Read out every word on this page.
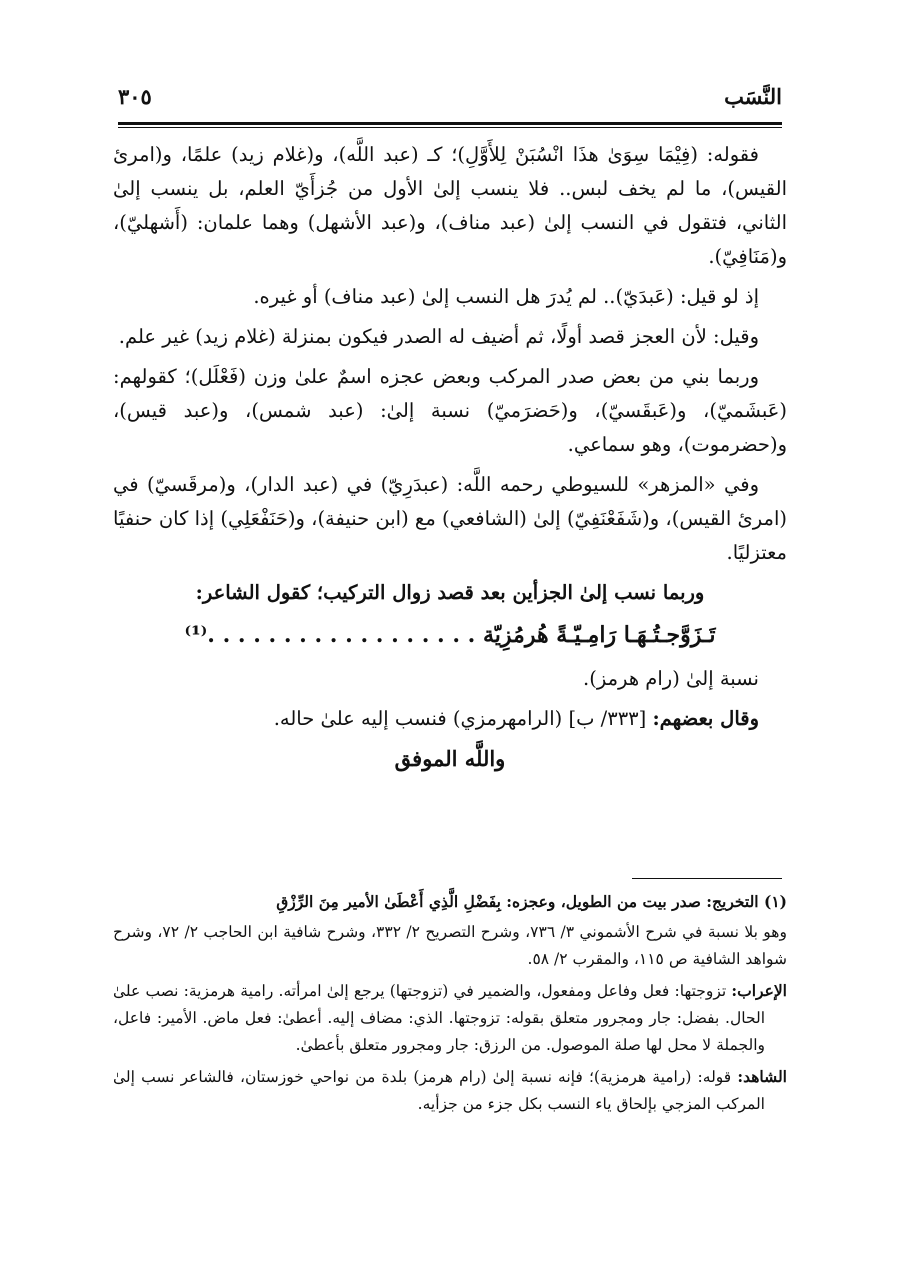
النَّسَب
٣٠٥

فقوله: (فِيْمَا سِوَىٰ هذَا انْسُبَنْ لِلأَوَّلِ)؛ كـ (عبد اللَّه)، و(غلام زيد) علمًا، و(امرئ القيس)، ما لم يخف لبس.. فلا ينسب إلىٰ الأول من جُزأَيّ العلم، بل ينسب إلىٰ الثاني، فتقول في النسب إلىٰ (عبد مناف)، و(عبد الأشهل) وهما علمان: (أَشهليّ)، و(مَنَافِيّ).

إذ لو قيل: (عَبدَيّ).. لم يُدرَ هل النسب إلىٰ (عبد مناف) أو غيره.

وقيل: لأن العجز قصد أولًا، ثم أضيف له الصدر فيكون بمنزلة (غلام زيد) غير علم.

وربما بني من بعض صدر المركب وبعض عجزه اسمٌ علىٰ وزن (فَعْلَل)؛ كقولهم: (عَبشَميّ)، و(عَبقَسيّ)، و(حَضرَميّ) نسبة إلىٰ: (عبد شمس)، و(عبد قيس)، و(حضرموت)، وهو سماعي.

وفي «المزهر» للسيوطي رحمه اللَّه: (عبدَرِيّ) في (عبد الدار)، و(مرقَسيّ) في (امرئ القيس)، و(شَفَعْنَفِيّ) إلىٰ (الشافعي) مع (ابن حنيفة)، و(حَنَفْعَلِي) إذا كان حنفيًا معتزليًا.

وربما نسب إلىٰ الجزأين بعد قصد زوال التركيب؛ كقول الشاعر:

تَـزَوَّجـتُـهَـا رَامِـيّـةً هُرمُزِيّة . . . . . . . . . . . . . . . . . .⁽¹⁾

نسبة إلىٰ (رام هرمز).

وقال بعضهم: [٣٣٣/ ب] (الرامهرمزي) فنسب إليه علىٰ حاله.

واللَّه الموفق

(١) التخريج: صدر بيت من الطويل، وعجزه: بِفَضْلِ الَّذِي أَعْطَىٰ الأمير مِنَ الرِّزْقِ

وهو بلا نسبة في شرح الأشموني ٣/ ٧٣٦، وشرح التصريح ٢/ ٣٣٢، وشرح شافية ابن الحاجب ٢/ ٧٢، وشرح شواهد الشافية ص ١١٥، والمقرب ٢/ ٥٨.

الإعراب: تزوجتها: فعل وفاعل ومفعول، والضمير في (تزوجتها) يرجع إلىٰ امرأته. رامية هرمزية: نصب علىٰ الحال. بفضل: جار ومجرور متعلق بقوله: تزوجتها. الذي: مضاف إليه. أعطىٰ: فعل ماض. الأمير: فاعل، والجملة لا محل لها صلة الموصول. من الرزق: جار ومجرور متعلق بأعطىٰ.

الشاهد: قوله: (رامية هرمزية)؛ فإنه نسبة إلىٰ (رام هرمز) بلدة من نواحي خوزستان، فالشاعر نسب إلىٰ المركب المزجي بإلحاق ياء النسب بكل جزء من جزأيه.
